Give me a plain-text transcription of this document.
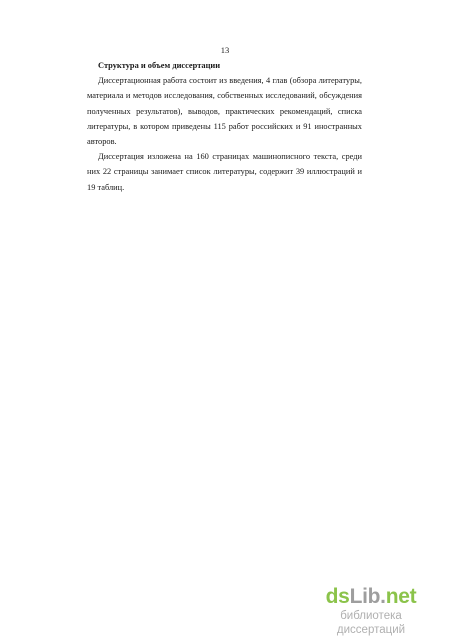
13

Структура и объем диссертации

Диссертационная работа состоит из введения, 4 глав (обзора литературы, материала и методов исследования, собственных исследований, обсуждения полученных результатов), выводов, практических рекомендаций, списка литературы, в котором приведены 115 работ российских и 91 иностранных авторов.

Диссертация изложена на 160 страницах машинописного текста, среди них 22 страницы занимает список литературы, содержит 39 иллюстраций и 19 таблиц.

dsLib.net
библиотека диссертаций
